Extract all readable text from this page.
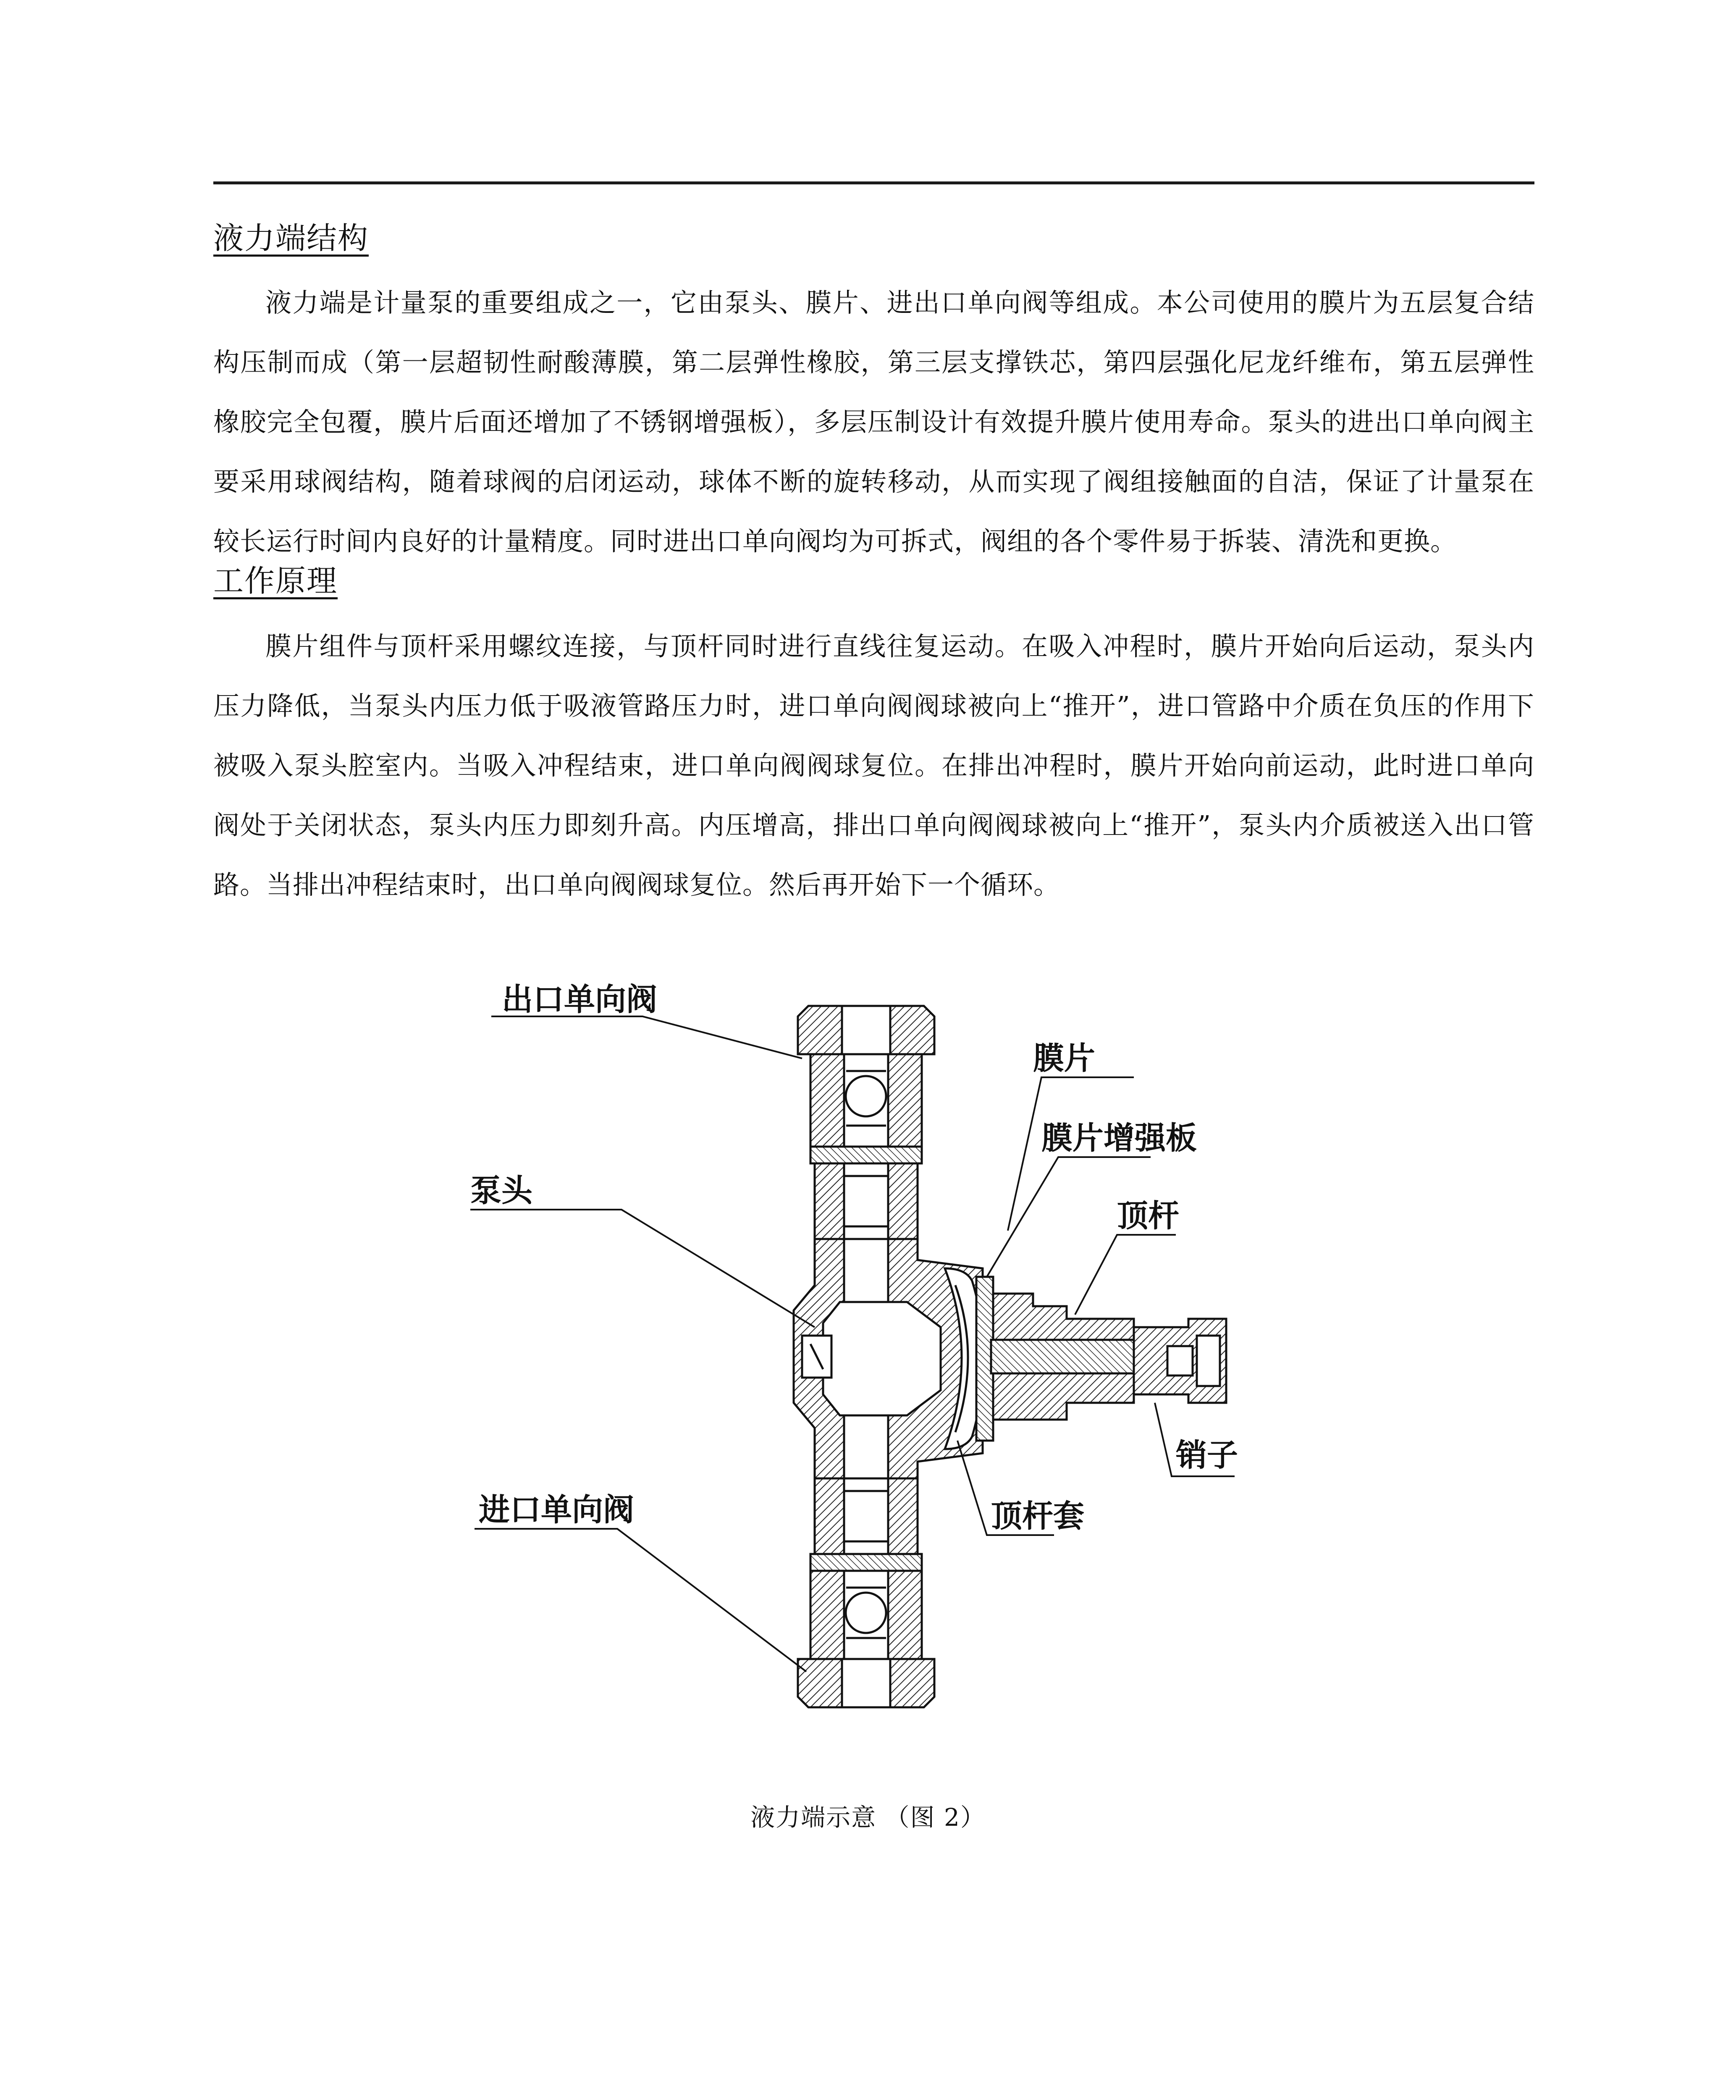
液力端结构
液力端是计量泵的重要组成之一，它由泵头、膜片、进出口单向阀等组成。本公司使用的膜片为五层复合结构压制而成（第一层超韧性耐酸薄膜，第二层弹性橡胶，第三层支撑铁芯，第四层强化尼龙纤维布，第五层弹性橡胶完全包覆，膜片后面还增加了不锈钢增强板），多层压制设计有效提升膜片使用寿命。泵头的进出口单向阀主要采用球阀结构，随着球阀的启闭运动，球体不断的旋转移动，从而实现了阀组接触面的自洁，保证了计量泵在较长运行时间内良好的计量精度。同时进出口单向阀均为可拆式，阀组的各个零件易于拆装、清洗和更换。
工作原理
膜片组件与顶杆采用螺纹连接，与顶杆同时进行直线往复运动。在吸入冲程时，膜片开始向后运动，泵头内压力降低，当泵头内压力低于吸液管路压力时，进口单向阀阀球被向上“推开”，进口管路中介质在负压的作用下被吸入泵头腔室内。当吸入冲程结束，进口单向阀阀球复位。在排出冲程时，膜片开始向前运动，此时进口单向阀处于关闭状态，泵头内压力即刻升高。内压增高，排出口单向阀阀球被向上“推开”，泵头内介质被送入出口管路。当排出冲程结束时，出口单向阀阀球复位。然后再开始下一个循环。
出口单向阀
膜片
膜片增强板
泵头
顶杆
销子
顶杆套
进口单向阀
液力端示意 （图 2）
